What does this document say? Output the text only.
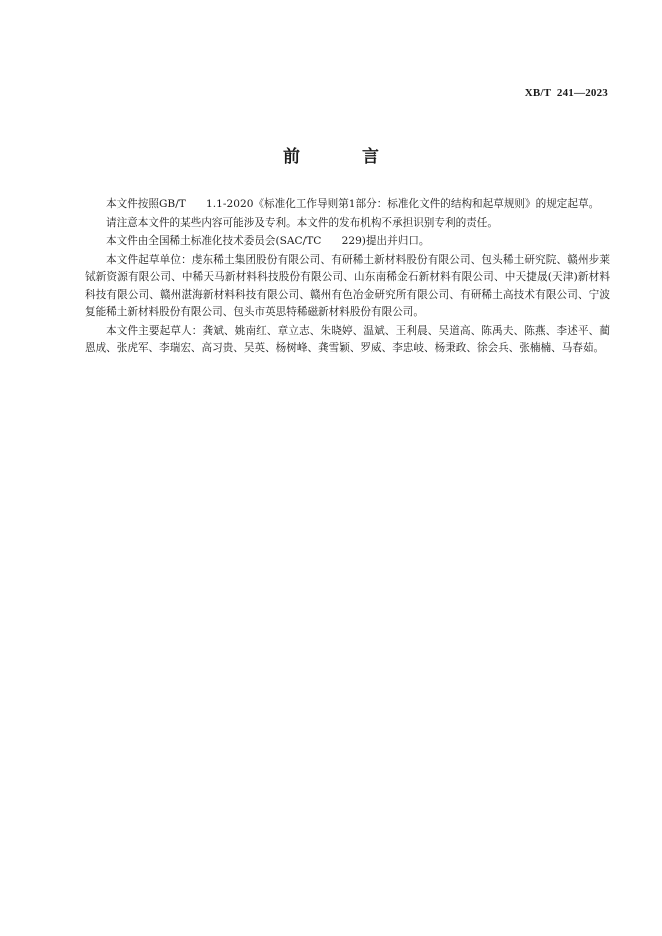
XB/T  241—2023
前 言

本文件按照GB/T      1.1-2020《标准化工作导则第1部分：标准化文件的结构和起草规则》的规定起草。

请注意本文件的某些内容可能涉及专利。本文件的发布机构不承担识别专利的责任。

本文件由全国稀土标准化技术委员会(SAC/TC      229)提出并归口。

本文件起草单位：虔东稀土集团股份有限公司、有研稀土新材料股份有限公司、包头稀土研究院、赣州步莱铽新资源有限公司、中稀天马新材料科技股份有限公司、山东南稀金石新材料有限公司、中天捷晟(天津)新材料科技有限公司、赣州湛海新材料科技有限公司、赣州有色冶金研究所有限公司、有研稀土高技术有限公司、宁波复能稀土新材料股份有限公司、包头市英思特稀磁新材料股份有限公司。

本文件主要起草人：龚斌、姚南红、章立志、朱晓婷、温斌、王利晨、吴道高、陈禹夫、陈燕、李述平、蔺恩成、张虎军、李瑞宏、高习贵、吴英、杨树峰、龚雪颖、罗威、李忠岐、杨秉政、徐会兵、张楠楠、马春茹。
